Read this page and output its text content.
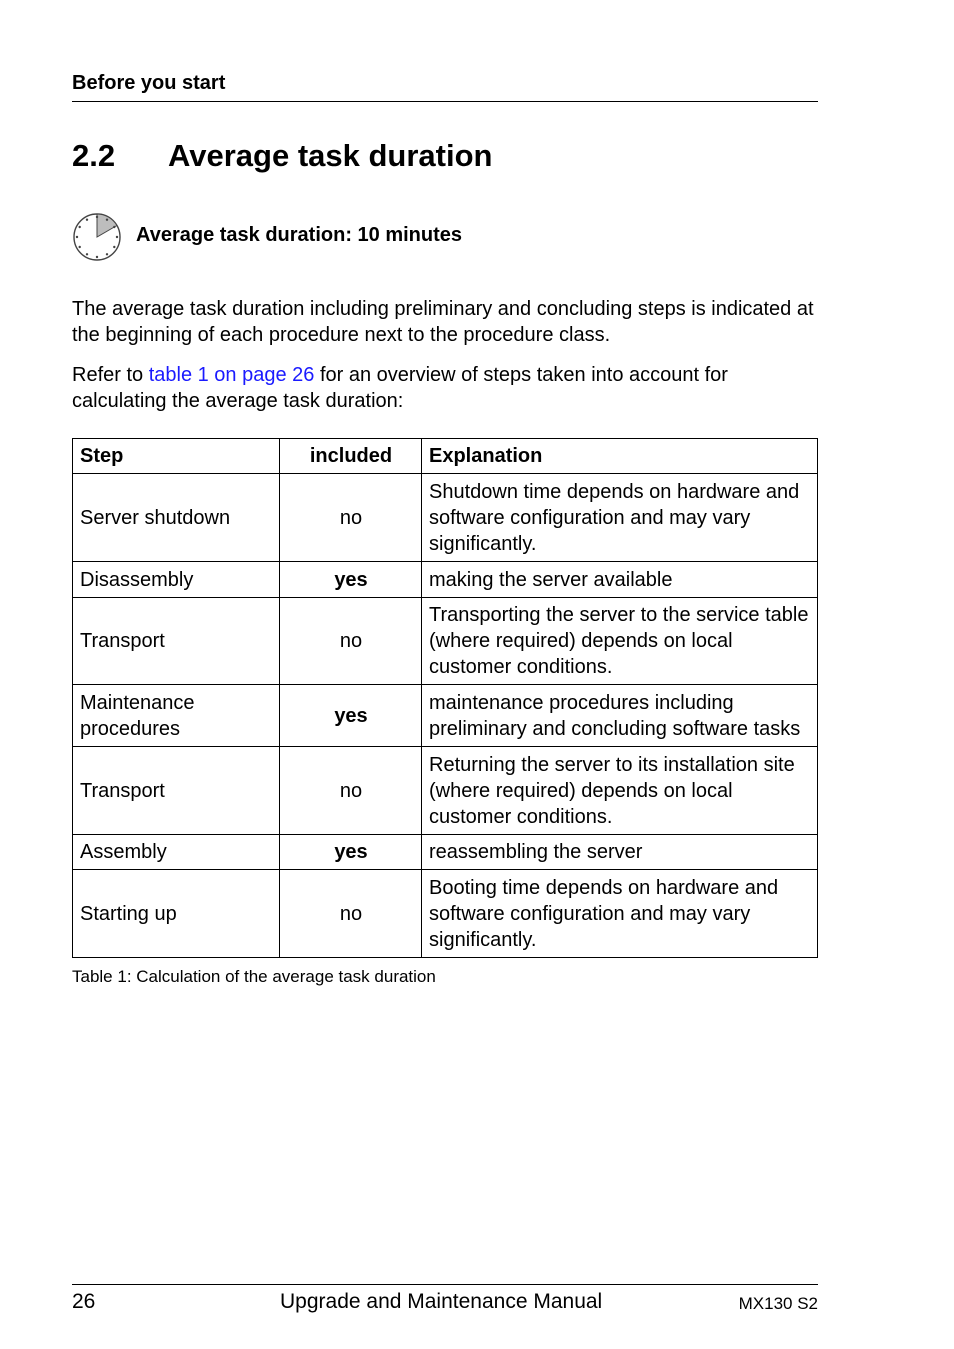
Before you start
2.2 Average task duration
Average task duration: 10 minutes
The average task duration including preliminary and concluding steps is indicated at the beginning of each procedure next to the procedure class.
Refer to table 1 on page 26 for an overview of steps taken into account for calculating the average task duration:
Step	included	Explanation
Server shutdown	no	Shutdown time depends on hardware and software configuration and may vary significantly.
Disassembly	yes	making the server available
Transport	no	Transporting the server to the service table (where required) depends on local customer conditions.
Maintenance procedures	yes	maintenance procedures including preliminary and concluding software tasks
Transport	no	Returning the server to its installation site (where required) depends on local customer conditions.
Assembly	yes	reassembling the server
Starting up	no	Booting time depends on hardware and software configuration and may vary significantly.
Table 1: Calculation of the average task duration
26	Upgrade and Maintenance Manual	MX130 S2
